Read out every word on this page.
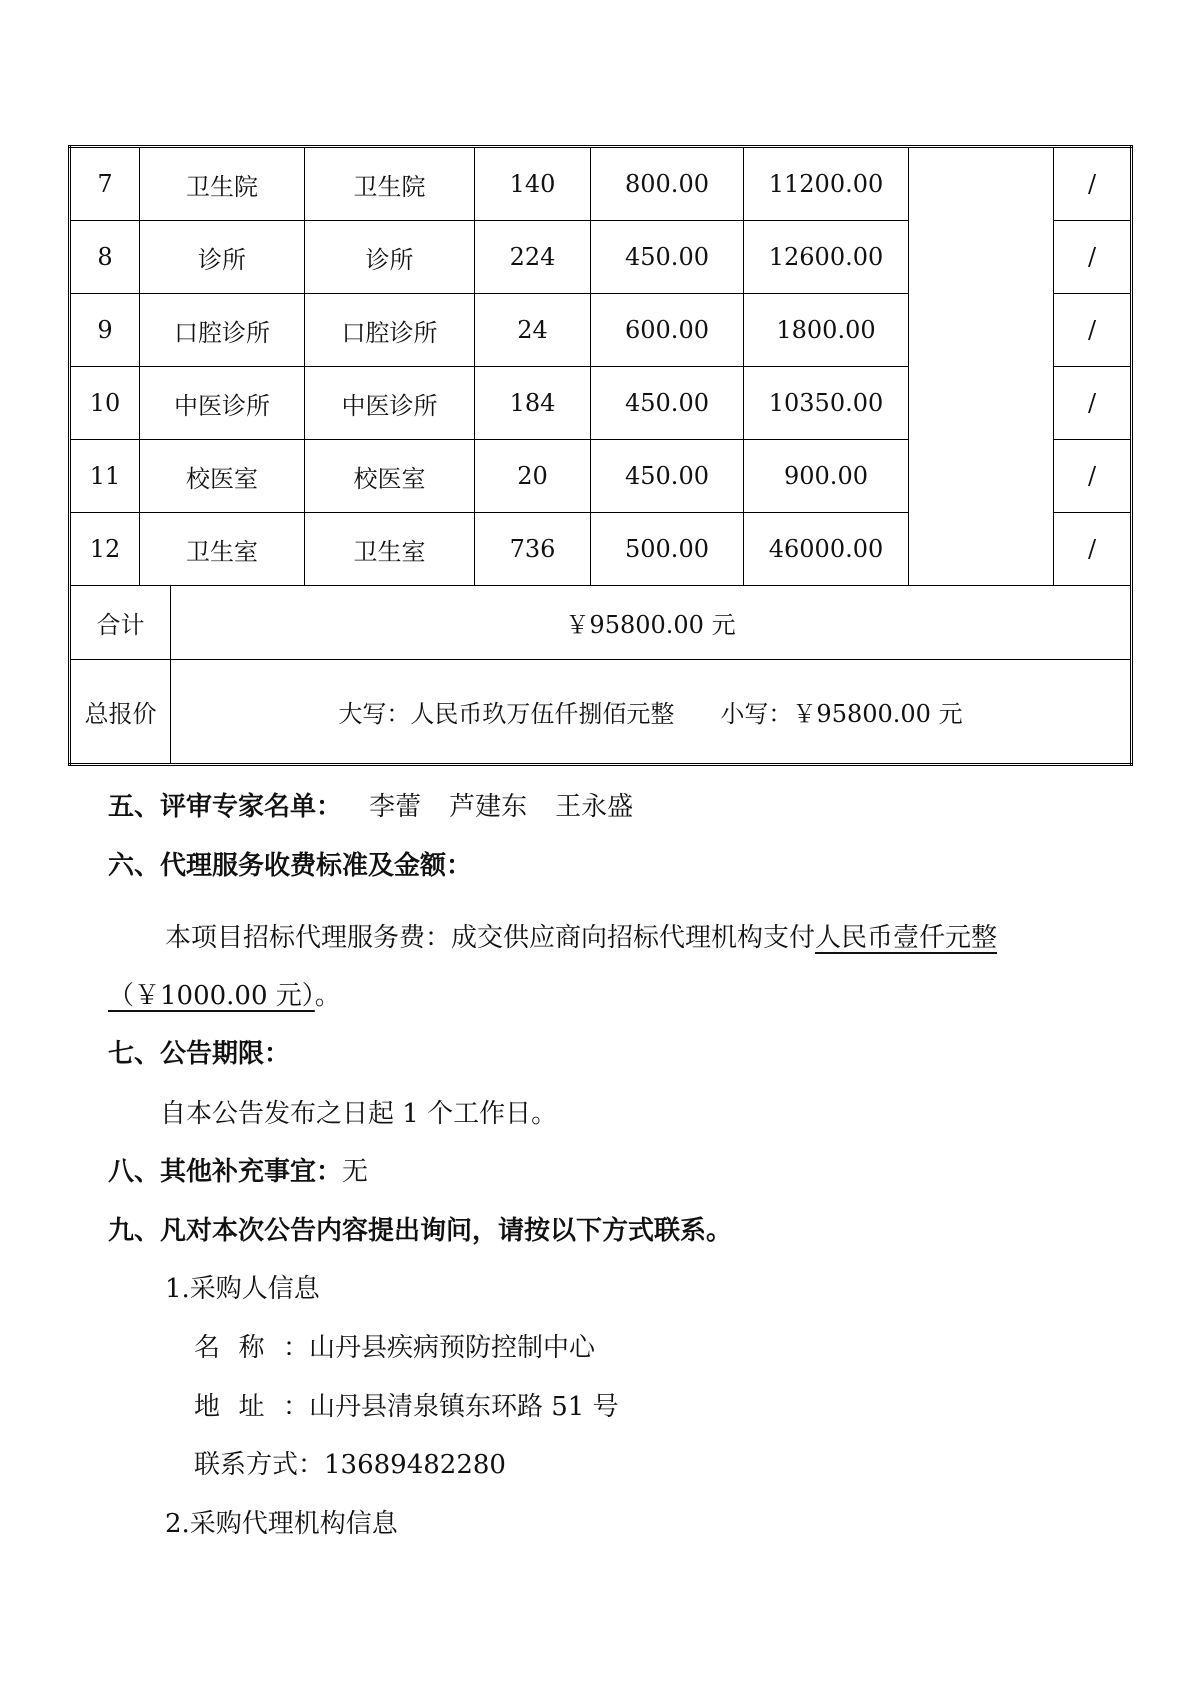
7	卫生院		卫生院	140	800.00	11200.00		/
8	诊所		诊所	224	450.00	12600.00		/
9	口腔诊所		口腔诊所	24	600.00	1800.00		/
10	中医诊所		中医诊所	184	450.00	10350.00		/
11	校医室		校医室	20	450.00	900.00		/
12	卫生室		卫生室	736	500.00	46000.00		/
合计		￥95800.00 元						
总报价		大写：人民币玖万伍仟捌佰元整 小写：￥95800.00 元						
五、评审专家名单： 李蕾 芦建东 王永盛
六、代理服务收费标准及金额：
本项目招标代理服务费：成交供应商向招标代理机构支付人民币壹仟元整
（￥1000.00 元）。
七、公告期限：
自本公告发布之日起 1 个工作日。
八、其他补充事宜：无
九、凡对本次公告内容提出询问，请按以下方式联系。
1.采购人信息
名称：山丹县疾病预防控制中心
地址：山丹县清泉镇东环路 51 号
联系方式：13689482280
2.采购代理机构信息
